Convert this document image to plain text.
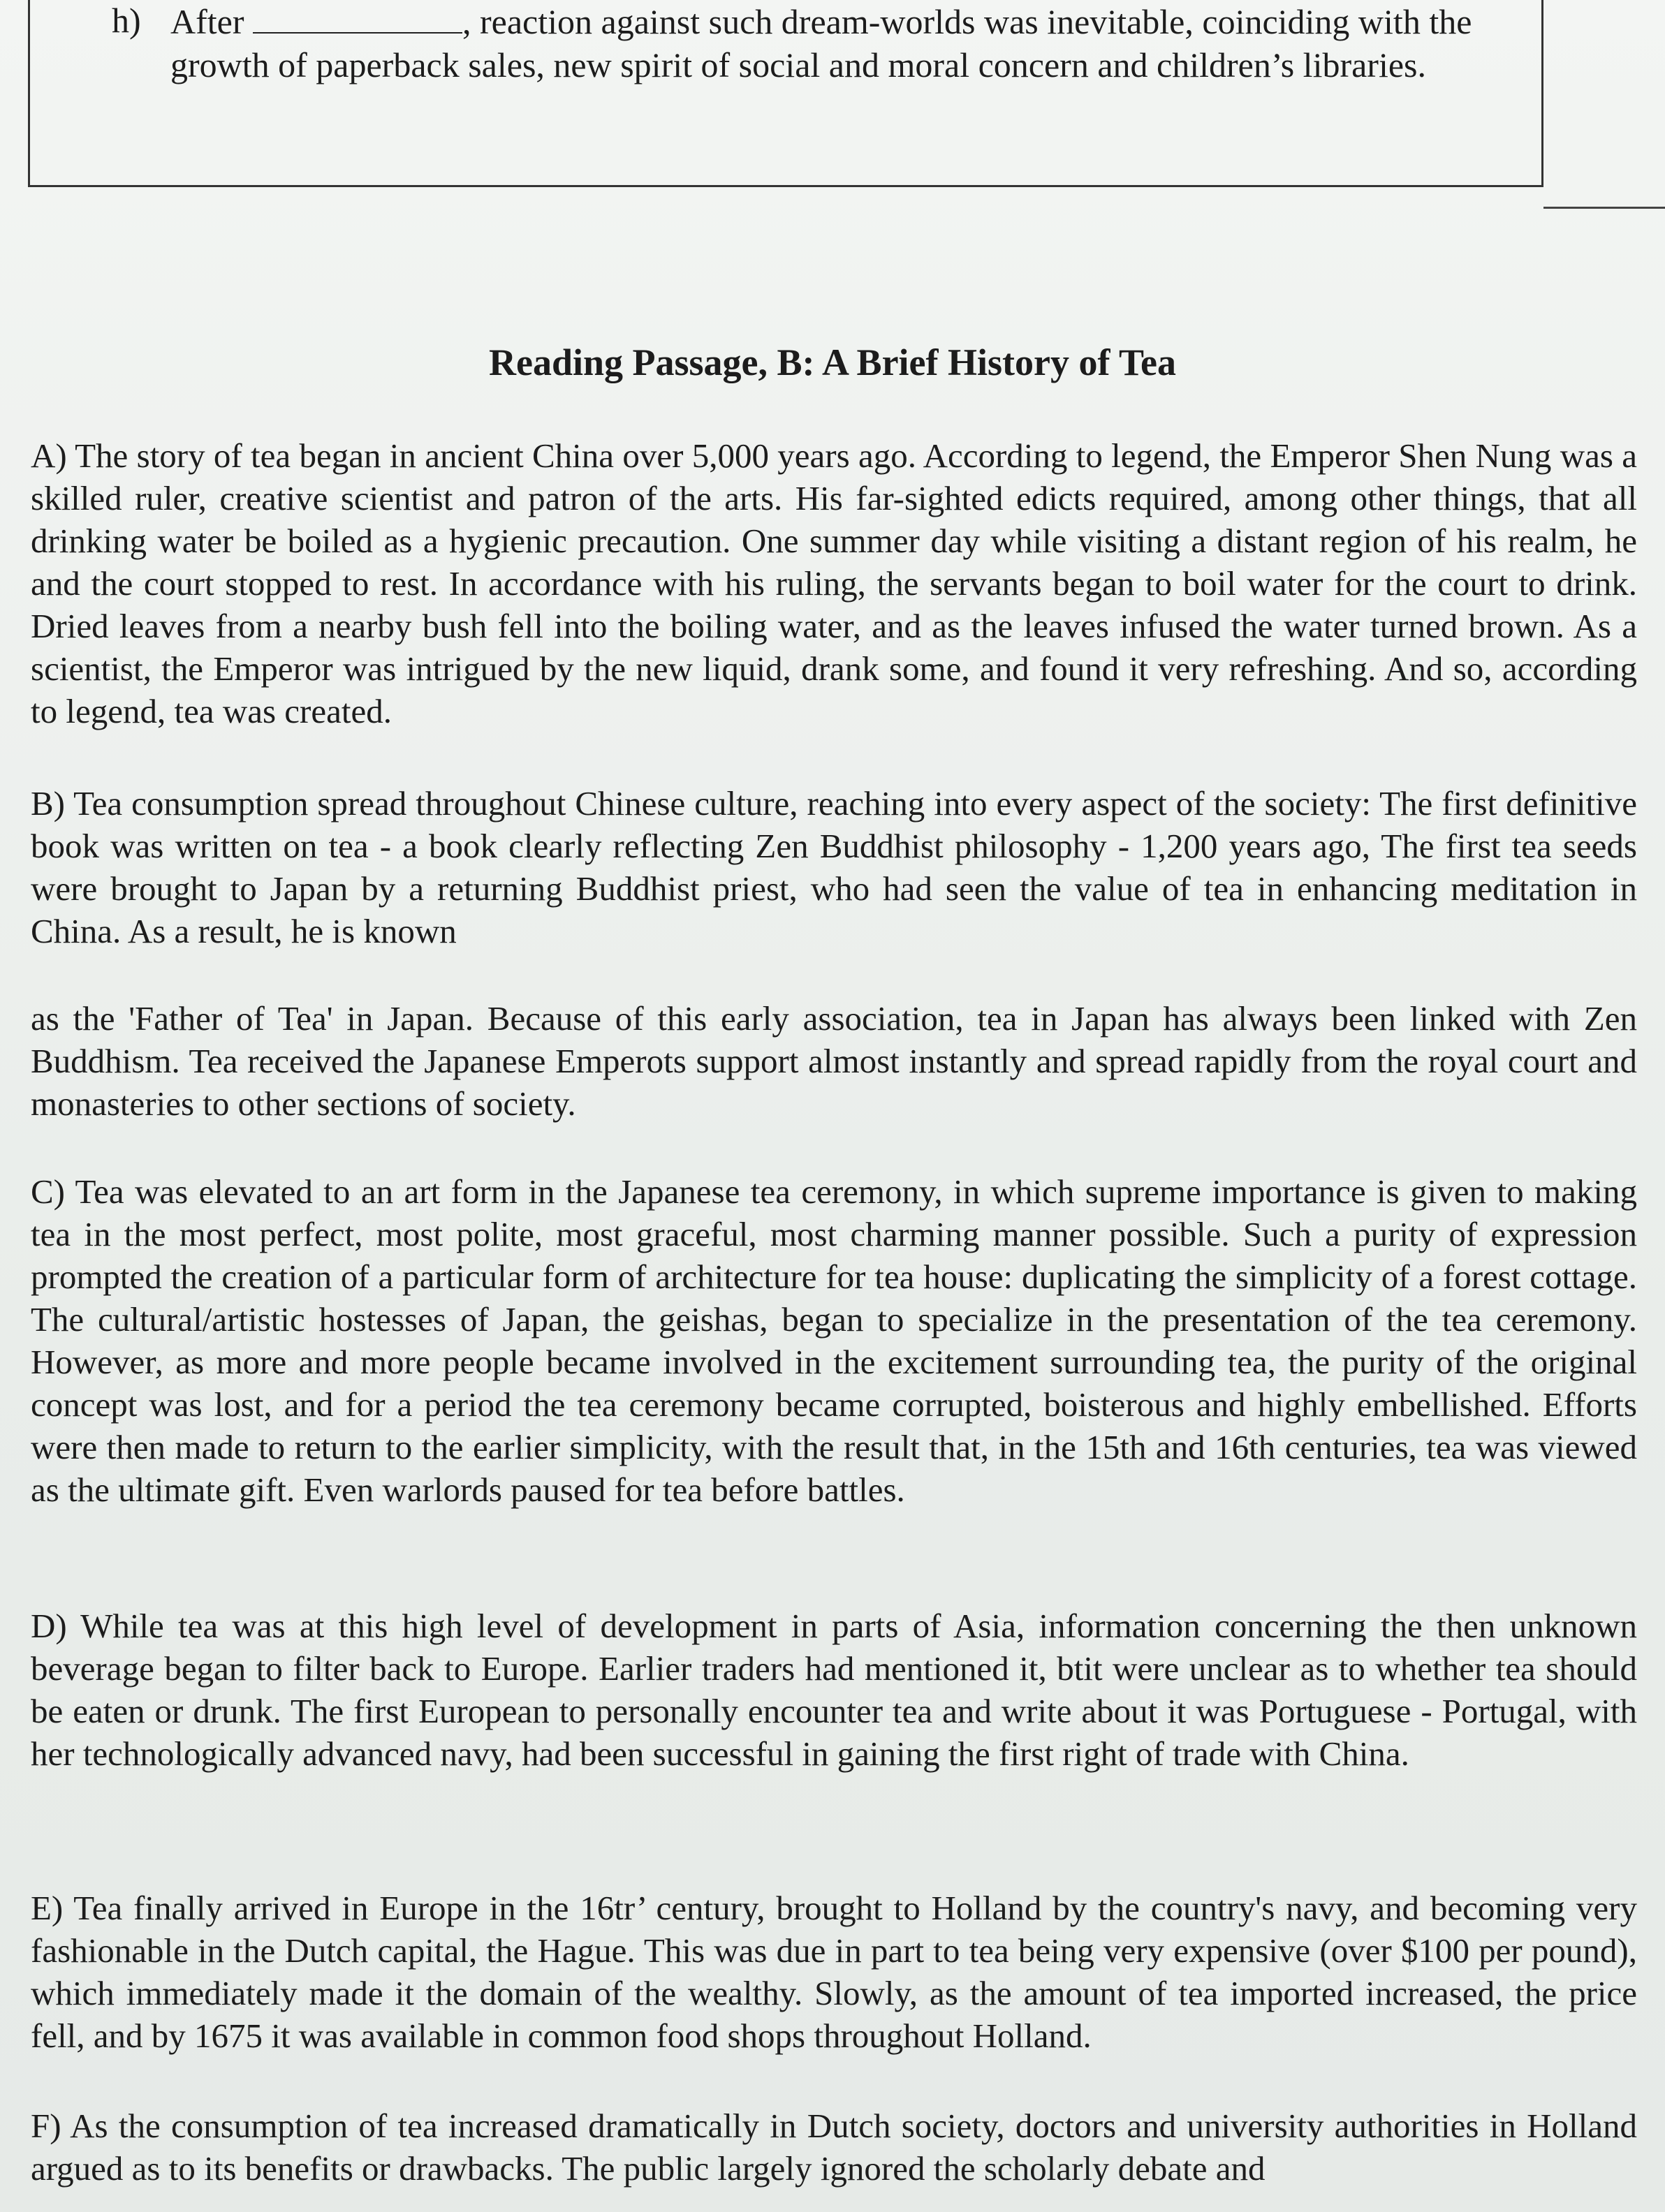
h) After	, reaction against such dream-worlds was inevitable, coinciding with the growth of paperback sales, new spirit of social and moral concern and children’s libraries.
Reading Passage, B: A Brief History of Tea

A) The story of tea began in ancient China over 5,000 years ago. According to legend, the Emperor Shen Nung was a skilled ruler, creative scientist and patron of the arts. His far-sighted edicts required, among other things, that all drinking water be boiled as a hygienic precaution. One summer day while visiting a distant region of his realm, he and the court stopped to rest. In accordance with his ruling, the servants began to boil water for the court to drink. Dried leaves from a nearby bush fell into the boiling water, and as the leaves infused the water turned brown. As a scientist, the Emperor was intrigued by the new liquid, drank some, and found it very refreshing. And so, according to legend, tea was created.

B) Tea consumption spread throughout Chinese culture, reaching into every aspect of the society: The first definitive book was written on tea - a book clearly reflecting Zen Buddhist philosophy - 1,200 years ago, The first tea seeds were brought to Japan by a returning Buddhist priest, who had seen the value of tea in enhancing meditation in China. As a result, he is known

as the 'Father of Tea' in Japan. Because of this early association, tea in Japan has always been linked with Zen Buddhism. Tea received the Japanese Emperots support almost instantly and spread rapidly from the royal court and monasteries to other sections of society.

C) Tea was elevated to an art form in the Japanese tea ceremony, in which supreme importance is given to making tea in the most perfect, most polite, most graceful, most charming manner possible. Such a purity of expression prompted the creation of a particular form of architecture for tea house: duplicating the simplicity of a forest cottage. The cultural/artistic hostesses of Japan, the geishas, began to specialize in the presentation of the tea ceremony. However, as more and more people became involved in the excitement surrounding tea, the purity of the original concept was lost, and for a period the tea ceremony became corrupted, boisterous and highly embellished. Efforts were then made to return to the earlier simplicity, with the result that, in the 15th and 16th centuries, tea was viewed as the ultimate gift. Even warlords paused for tea before battles.

D) While tea was at this high level of development in parts of Asia, information concerning the then unknown beverage began to filter back to Europe. Earlier traders had mentioned it, btit were unclear as to whether tea should be eaten or drunk. The first European to personally encounter tea and write about it was Portuguese - Portugal, with her technologically advanced navy, had been successful in gaining the first right of trade with China.

E) Tea finally arrived in Europe in the 16tr’ century, brought to Holland by the country's navy, and becoming very fashionable in the Dutch capital, the Hague. This was due in part to tea being very expensive (over $100 per pound), which immediately made it the domain of the wealthy. Slowly, as the amount of tea imported increased, the price fell, and by 1675 it was available in common food shops throughout Holland.

F) As the consumption of tea increased dramatically in Dutch society, doctors and university authorities in Holland argued as to its benefits or drawbacks. The public largely ignored the scholarly debate and
